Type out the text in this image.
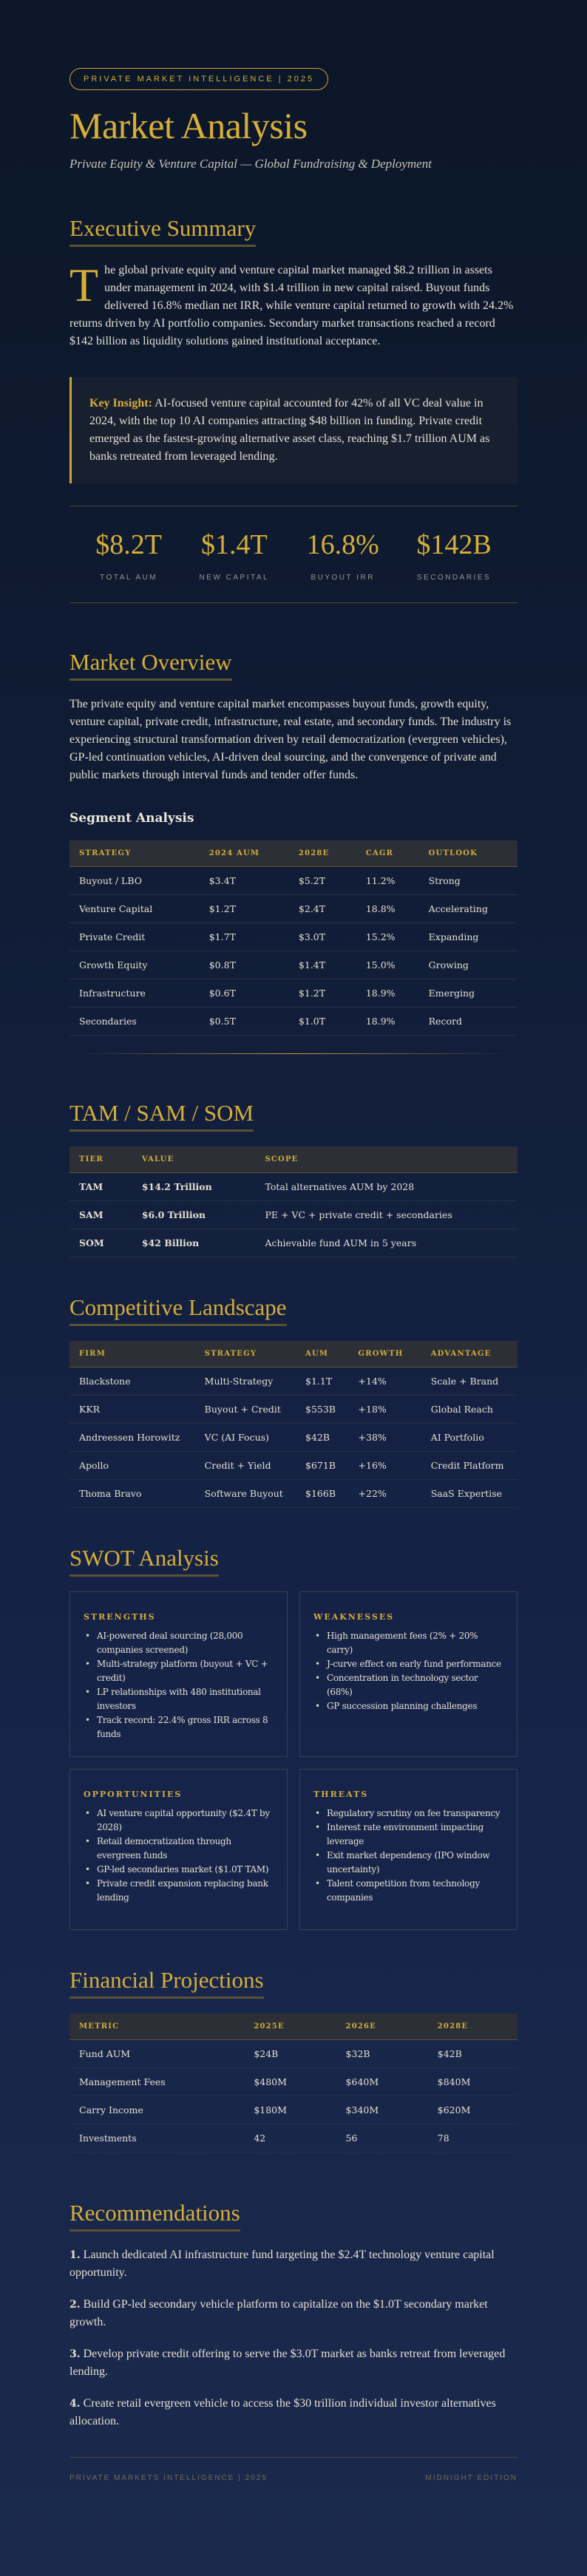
PRIVATE MARKET INTELLIGENCE | 2025
Market Analysis
Private Equity & Venture Capital — Global Fundraising & Deployment
Executive Summary

The global private equity and venture capital market managed $8.2 trillion in assets under management in 2024, with $1.4 trillion in new capital raised. Buyout funds delivered 16.8% median net IRR, while venture capital returned to growth with 24.2% returns driven by AI portfolio companies. Secondary market transactions reached a record $142 billion as liquidity solutions gained institutional acceptance.

Key Insight: AI-focused venture capital accounted for 42% of all VC deal value in 2024, with the top 10 AI companies attracting $48 billion in funding. Private credit emerged as the fastest-growing alternative asset class, reaching $1.7 trillion AUM as banks retreated from leveraged lending.
$8.2T
TOTAL AUM
$1.4T
NEW CAPITAL
16.8%
BUYOUT IRR
$142B
SECONDARIES
Market Overview

The private equity and venture capital market encompasses buyout funds, growth equity, venture capital, private credit, infrastructure, real estate, and secondary funds. The industry is experiencing structural transformation driven by retail democratization (evergreen vehicles), GP-led continuation vehicles, AI-driven deal sourcing, and the convergence of private and public markets through interval funds and tender offer funds.

Segment Analysis
STRATEGY	2024 AUM	2028E	CAGR	OUTLOOK
Buyout / LBO	$3.4T	$5.2T	11.2%	Strong
Venture Capital	$1.2T	$2.4T	18.8%	Accelerating
Private Credit	$1.7T	$3.0T	15.2%	Expanding
Growth Equity	$0.8T	$1.4T	15.0%	Growing
Infrastructure	$0.6T	$1.2T	18.9%	Emerging
Secondaries	$0.5T	$1.0T	18.9%	Record
TAM / SAM / SOM
TIER	VALUE	SCOPE
TAM	$14.2 Trillion	Total alternatives AUM by 2028
SAM	$6.0 Trillion	PE + VC + private credit + secondaries
SOM	$42 Billion	Achievable fund AUM in 5 years
Competitive Landscape
FIRM	STRATEGY	AUM	GROWTH	ADVANTAGE
Blackstone	Multi-Strategy	$1.1T	+14%	Scale + Brand
KKR	Buyout + Credit	$553B	+18%	Global Reach
Andreessen Horowitz	VC (AI Focus)	$42B	+38%	AI Portfolio
Apollo	Credit + Yield	$671B	+16%	Credit Platform
Thoma Bravo	Software Buyout	$166B	+22%	SaaS Expertise
SWOT Analysis
STRENGTHS
• AI-powered deal sourcing (28,000 companies screened)
• Multi-strategy platform (buyout + VC + credit)
• LP relationships with 480 institutional investors
• Track record: 22.4% gross IRR across 8 funds
WEAKNESSES
• High management fees (2% + 20% carry)
• J-curve effect on early fund performance
• Concentration in technology sector (68%)
• GP succession planning challenges
OPPORTUNITIES
• AI venture capital opportunity ($2.4T by 2028)
• Retail democratization through evergreen funds
• GP-led secondaries market ($1.0T TAM)
• Private credit expansion replacing bank lending
THREATS
• Regulatory scrutiny on fee transparency
• Interest rate environment impacting leverage
• Exit market dependency (IPO window uncertainty)
• Talent competition from technology companies
Financial Projections
METRIC	2025E	2026E	2028E
Fund AUM	$24B	$32B	$42B
Management Fees	$480M	$640M	$840M
Carry Income	$180M	$340M	$620M
Investments	42	56	78
Recommendations

1. Launch dedicated AI infrastructure fund targeting the $2.4T technology venture capital opportunity.

2. Build GP-led secondary vehicle platform to capitalize on the $1.0T secondary market growth.

3. Develop private credit offering to serve the $3.0T market as banks retreat from leveraged lending.

4. Create retail evergreen vehicle to access the $30 trillion individual investor alternatives allocation.

PRIVATE MARKETS INTELLIGENCE | 2025	MIDNIGHT EDITION
